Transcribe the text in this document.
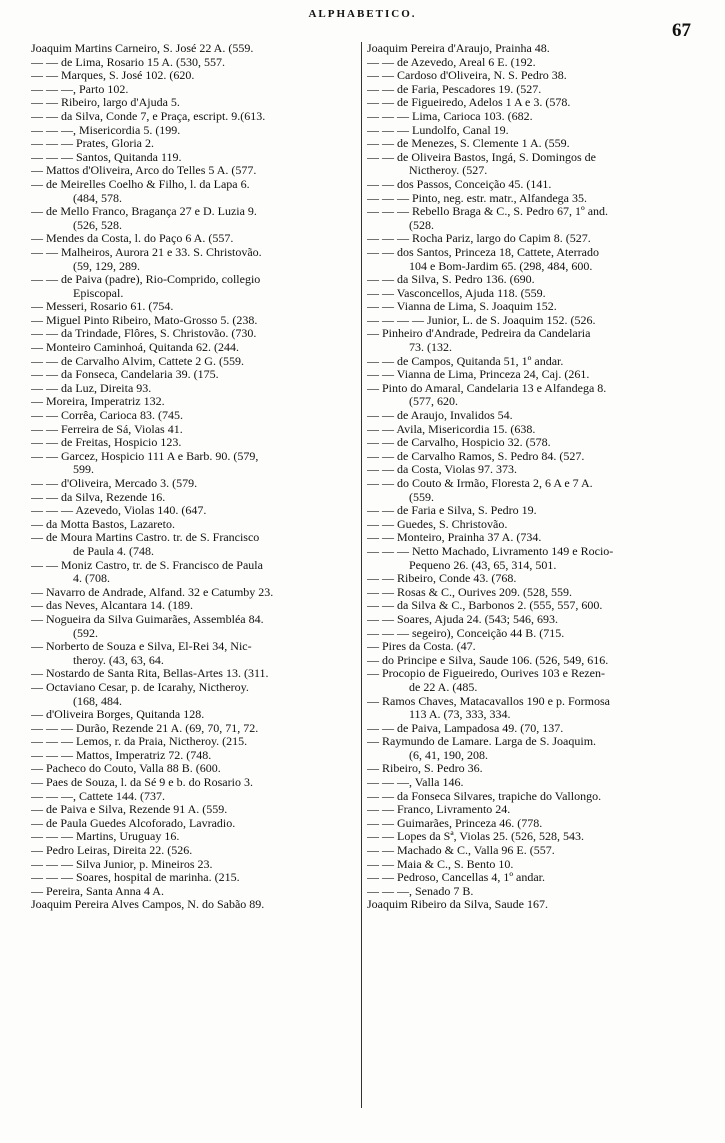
ALPHABETICO.
67
Joaquim Martins Carneiro, S. José 22 A. (559.
— — de Lima, Rosario 15 A. (530, 557.
— — Marques, S. José 102. (620.
— — —, Parto 102.
— — Ribeiro, largo d'Ajuda 5.
— — da Silva, Conde 7, e Praça, escript. 9.(613.
— — —, Misericordia 5. (199.
— — — Prates, Gloria 2.
— — — Santos, Quitanda 119.
— Mattos d'Oliveira, Arco do Telles 5 A. (577.
— de Meirelles Coelho & Filho, l. da Lapa 6.
(484, 578.
— de Mello Franco, Bragança 27 e D. Luzia 9.
(526, 528.
— Mendes da Costa, l. do Paço 6 A. (557.
— — Malheiros, Aurora 21 e 33. S. Christovão.
(59, 129, 289.
— — de Paiva (padre), Rio-Comprido, collegio
Episcopal.
— Messeri, Rosario 61. (754.
— Miguel Pinto Ribeiro, Mato-Grosso 5. (238.
— — da Trindade, Flôres, S. Christovão. (730.
— Monteiro Caminhoá, Quitanda 62. (244.
— — de Carvalho Alvim, Cattete 2 G. (559.
— — da Fonseca, Candelaria 39. (175.
— — da Luz, Direita 93.
— Moreira, Imperatriz 132.
— — Corrêa, Carioca 83. (745.
— — Ferreira de Sá, Violas 41.
— — de Freitas, Hospicio 123.
— — Garcez, Hospicio 111 A e Barb. 90. (579,
599.
— — d'Oliveira, Mercado 3. (579.
— — da Silva, Rezende 16.
— — — Azevedo, Violas 140. (647.
— da Motta Bastos, Lazareto.
— de Moura Martins Castro. tr. de S. Francisco
de Paula 4. (748.
— — Moniz Castro, tr. de S. Francisco de Paula
4. (708.
— Navarro de Andrade, Alfand. 32 e Catumby 23.
— das Neves, Alcantara 14. (189.
— Nogueira da Silva Guimarães, Assembléa 84.
(592.
— Norberto de Souza e Silva, El-Rei 34, Nic-
theroy. (43, 63, 64.
— Nostardo de Santa Rita, Bellas-Artes 13. (311.
— Octaviano Cesar, p. de Icarahy, Nictheroy.
(168, 484.
— d'Oliveira Borges, Quitanda 128.
— — — Durão, Rezende 21 A. (69, 70, 71, 72.
— — — Lemos, r. da Praia, Nictheroy. (215.
— — — Mattos, Imperatriz 72. (748.
— Pacheco do Couto, Valla 88 B. (600.
— Paes de Souza, l. da Sé 9 e b. do Rosario 3.
— — —, Cattete 144. (737.
— de Paiva e Silva, Rezende 91 A. (559.
— de Paula Guedes Alcoforado, Lavradio.
— — — Martins, Uruguay 16.
— Pedro Leiras, Direita 22. (526.
— — — Silva Junior, p. Mineiros 23.
— — — Soares, hospital de marinha. (215.
— Pereira, Santa Anna 4 A.
Joaquim Pereira Alves Campos, N. do Sabão 89.
Joaquim Pereira d'Araujo, Prainha 48.
— — de Azevedo, Areal 6 E. (192.
— — Cardoso d'Oliveira, N. S. Pedro 38.
— — de Faria, Pescadores 19. (527.
— — de Figueiredo, Adelos 1 A e 3. (578.
— — — Lima, Carioca 103. (682.
— — — Lundolfo, Canal 19.
— — de Menezes, S. Clemente 1 A. (559.
— — de Oliveira Bastos, Ingá, S. Domingos de
Nictheroy. (527.
— — dos Passos, Conceição 45. (141.
— — — Pinto, neg. estr. matr., Alfandega 35.
— — — Rebello Braga & C., S. Pedro 67, 1º and.
(528.
— — — Rocha Pariz, largo do Capim 8. (527.
— — dos Santos, Princeza 18, Cattete, Aterrado
104 e Bom-Jardim 65. (298, 484, 600.
— — da Silva, S. Pedro 136. (690.
— — Vasconcellos, Ajuda 118. (559.
— — Vianna de Lima, S. Joaquim 152.
— — — — Junior, L. de S. Joaquim 152. (526.
— Pinheiro d'Andrade, Pedreira da Candelaria
73. (132.
— — de Campos, Quitanda 51, 1º andar.
— — Vianna de Lima, Princeza 24, Caj. (261.
— Pinto do Amaral, Candelaria 13 e Alfandega 8.
(577, 620.
— — de Araujo, Invalidos 54.
— — Avila, Misericordia 15. (638.
— — de Carvalho, Hospicio 32. (578.
— — de Carvalho Ramos, S. Pedro 84. (527.
— — da Costa, Violas 97. 373.
— — do Couto & Irmão, Floresta 2, 6 A e 7 A.
(559.
— — de Faria e Silva, S. Pedro 19.
— — Guedes, S. Christovão.
— — Monteiro, Prainha 37 A. (734.
— — — Netto Machado, Livramento 149 e Rocio-
Pequeno 26. (43, 65, 314, 501.
— — Ribeiro, Conde 43. (768.
— — Rosas & C., Ourives 209. (528, 559.
— — da Silva & C., Barbonos 2. (555, 557, 600.
— — Soares, Ajuda 24. (543; 546, 693.
— — — segeiro), Conceição 44 B. (715.
— Pires da Costa. (47.
— do Principe e Silva, Saude 106. (526, 549, 616.
— Procopio de Figueiredo, Ourives 103 e Rezen-
de 22 A. (485.
— Ramos Chaves, Matacavallos 190 e p. Formosa
113 A. (73, 333, 334.
— — de Paiva, Lampadosa 49. (70, 137.
— Raymundo de Lamare. Larga de S. Joaquim.
(6, 41, 190, 208.
— Ribeiro, S. Pedro 36.
— — —, Valla 146.
— — da Fonseca Silvares, trapiche do Vallongo.
— — Franco, Livramento 24.
— — Guimarães, Princeza 46. (778.
— — Lopes da Sª, Violas 25. (526, 528, 543.
— — Machado & C., Valla 96 E. (557.
— — Maia & C., S. Bento 10.
— — Pedroso, Cancellas 4, 1º andar.
— — —, Senado 7 B.
Joaquim Ribeiro da Silva, Saude 167.
